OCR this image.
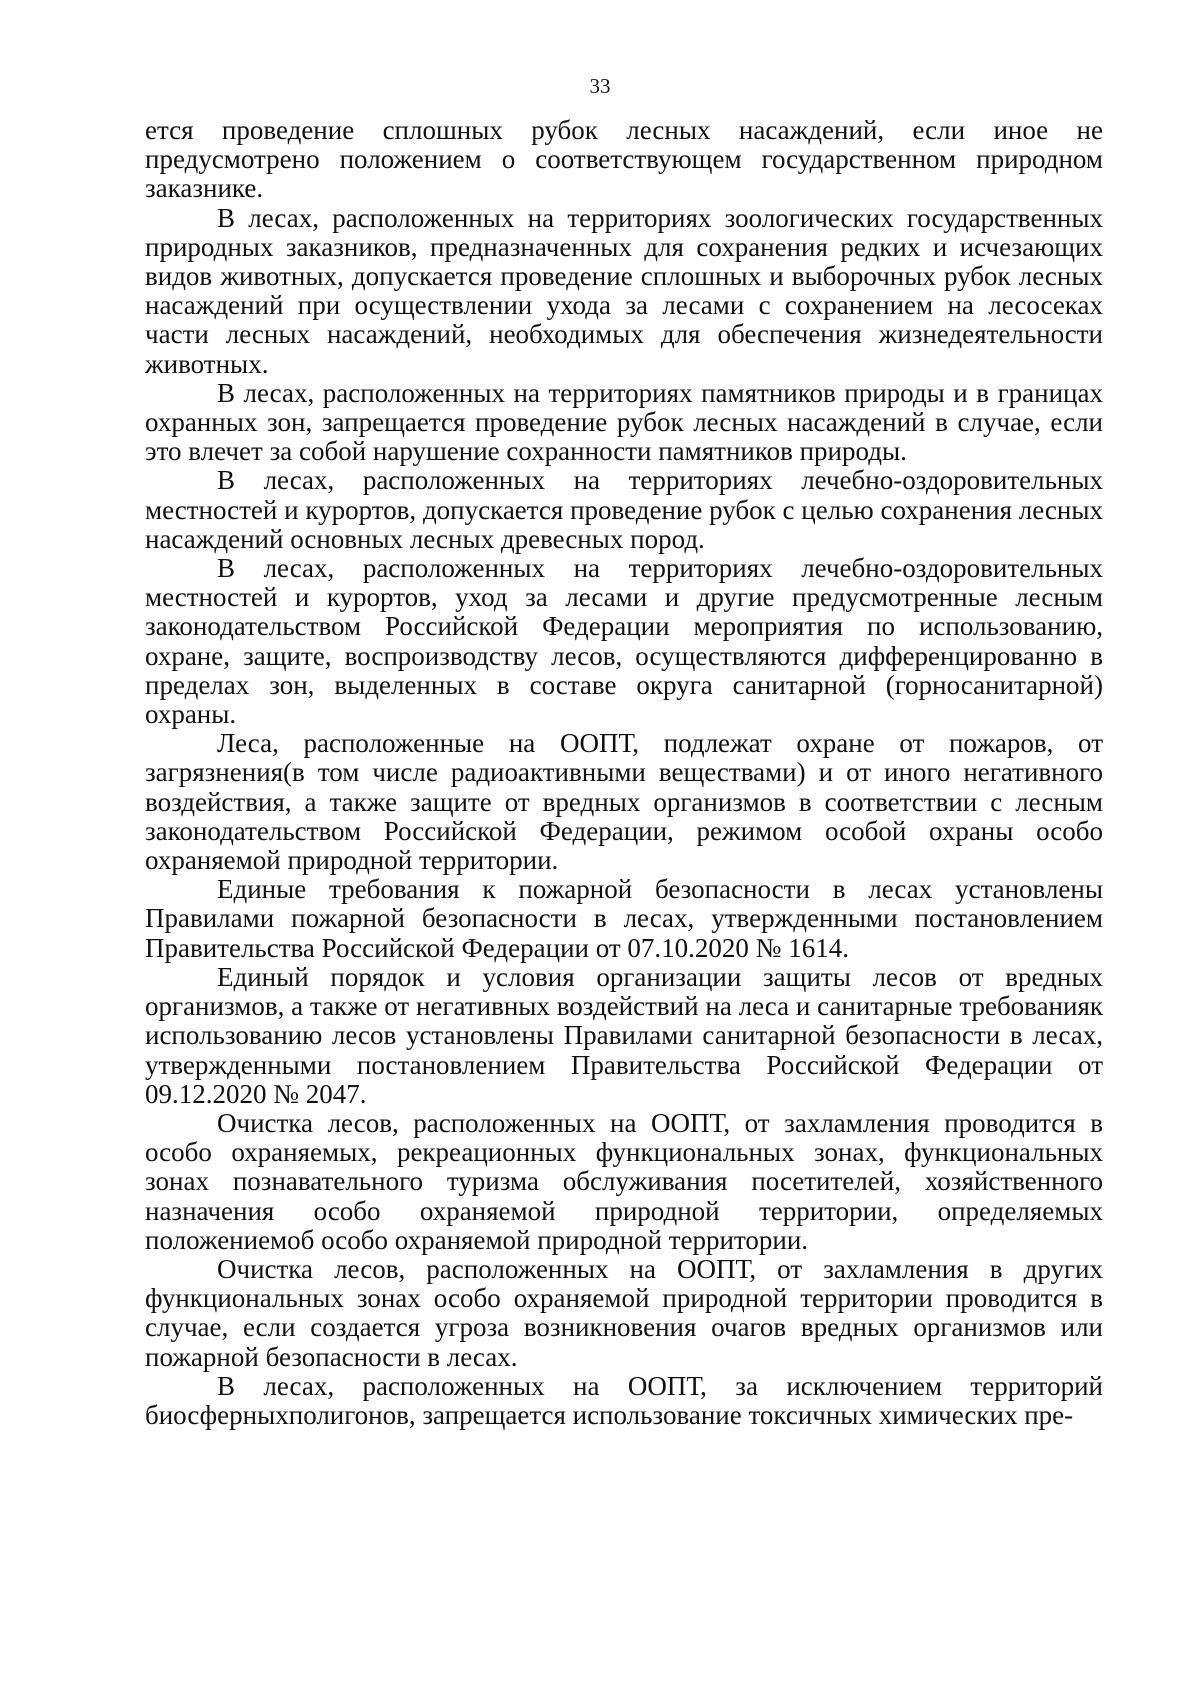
33

ется проведение сплошных рубок лесных насаждений, если иное не предусмотрено положением о соответствующем государственном природном заказнике.

В лесах, расположенных на территориях зоологических государственных природных заказников, предназначенных для сохранения редких и исчезающих видов животных, допускается проведение сплошных и выборочных рубок лесных насаждений при осуществлении ухода за лесами с сохранением на лесосеках части лесных насаждений, необходимых для обеспечения жизнедеятельности животных.

В лесах, расположенных на территориях памятников природы и в границах охранных зон, запрещается проведение рубок лесных насаждений в случае, если это влечет за собой нарушение сохранности памятников природы.

В лесах, расположенных на территориях лечебно-оздоровительных местностей и курортов, допускается проведение рубок с целью сохранения лесных насаждений основных лесных древесных пород.

В лесах, расположенных на территориях лечебно-оздоровительных местностей и курортов, уход за лесами и другие предусмотренные лесным законодательством Российской Федерации мероприятия по использованию, охране, защите, воспроизводству лесов, осуществляются дифференцированно в пределах зон, выделенных в составе округа санитарной (горносанитарной) охраны.

Леса, расположенные на ООПТ, подлежат охране от пожаров, от загрязнения(в том числе радиоактивными веществами) и от иного негативного воздействия, а также защите от вредных организмов в соответствии с лесным законодательством Российской Федерации, режимом особой охраны особо охраняемой природной территории.

Единые требования к пожарной безопасности в лесах установлены Правилами пожарной безопасности в лесах, утвержденными постановлением Правительства Российской Федерации от 07.10.2020 № 1614.

Единый порядок и условия организации защиты лесов от вредных организмов, а также от негативных воздействий на леса и санитарные требованияк использованию лесов установлены Правилами санитарной безопасности в лесах, утвержденными постановлением Правительства Российской Федерации от 09.12.2020 № 2047.

Очистка лесов, расположенных на ООПТ, от захламления проводится в особо охраняемых, рекреационных функциональных зонах, функциональных зонах познавательного туризма обслуживания посетителей, хозяйственного назначения особо охраняемой природной территории, определяемых положениемоб особо охраняемой природной территории.

Очистка лесов, расположенных на ООПТ, от захламления в других функциональных зонах особо охраняемой природной территории проводится в случае, если создается угроза возникновения очагов вредных организмов или пожарной безопасности в лесах.

В лесах, расположенных на ООПТ, за исключением территорий биосферныхполигонов, запрещается использование токсичных химических пре-
